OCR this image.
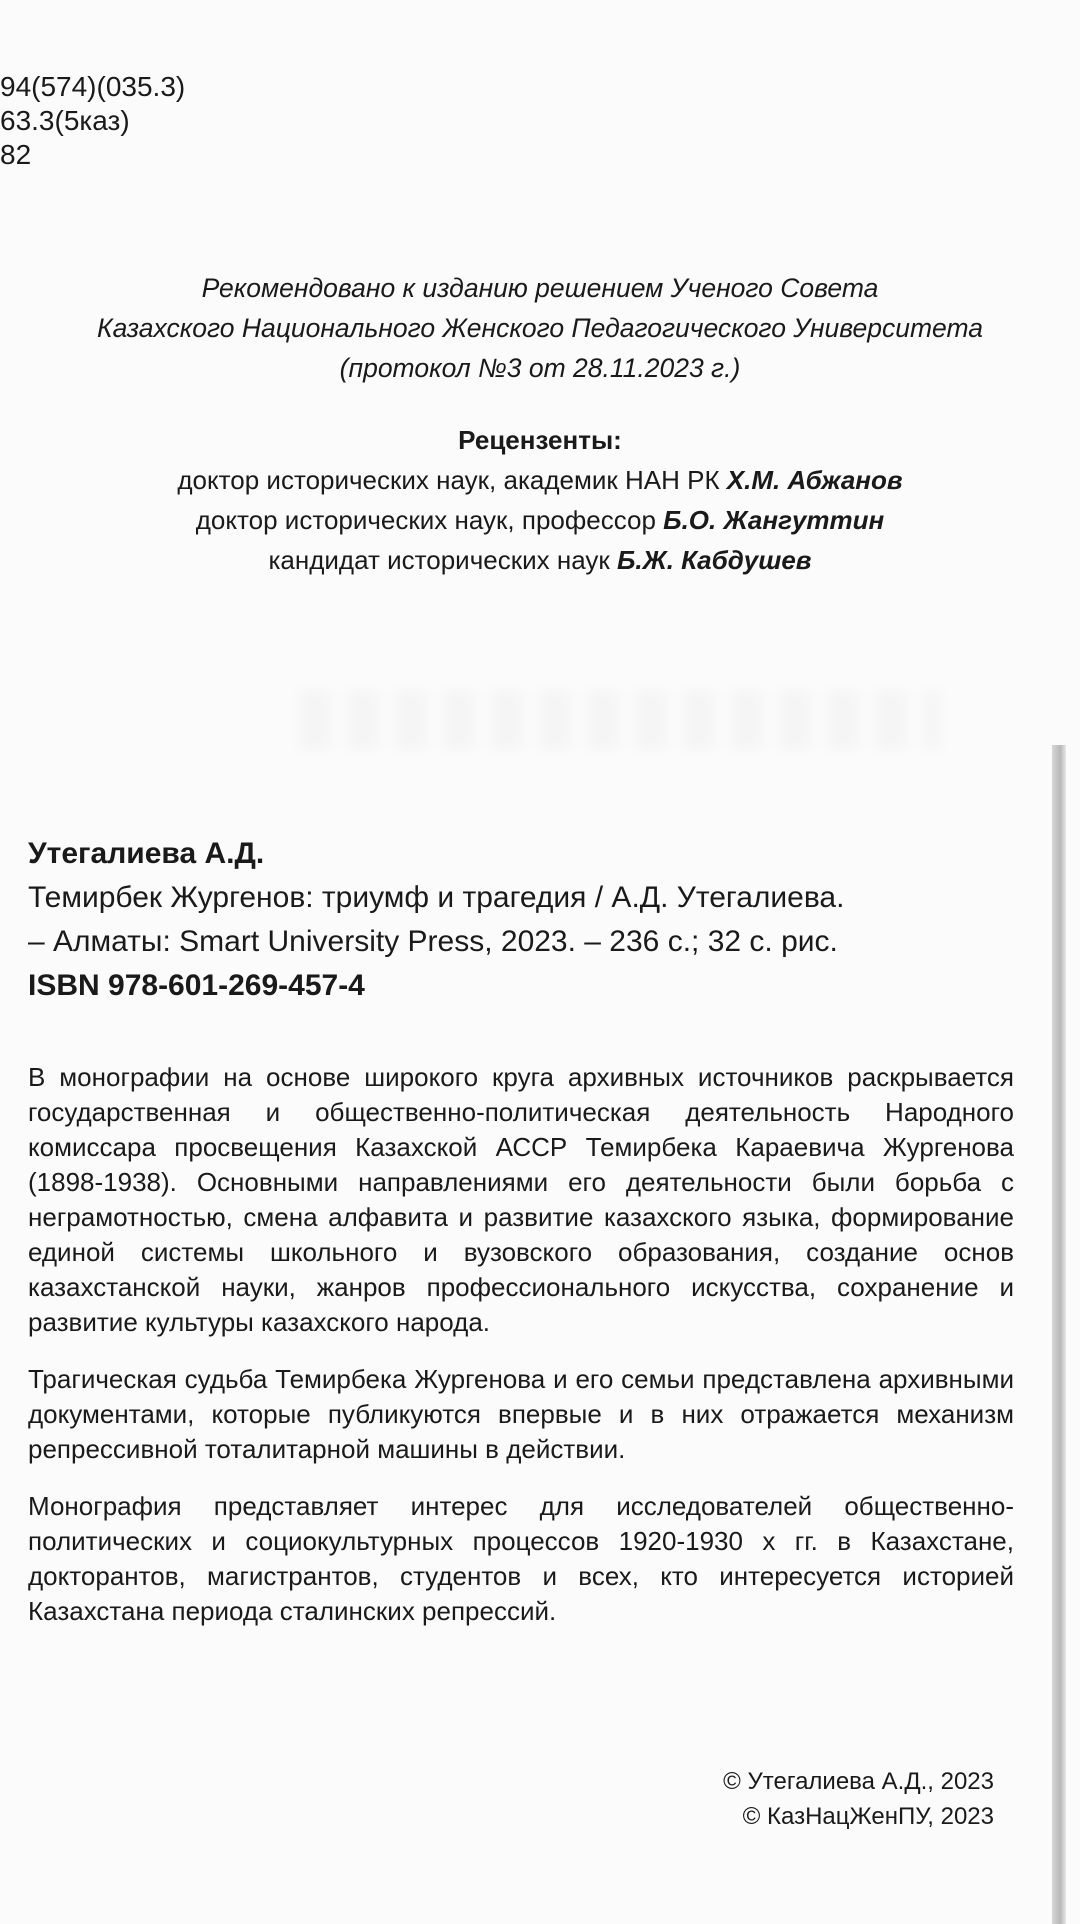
94(574)(035.3)
63.3(5каз)
82
Рекомендовано к изданию решением Ученого Совета
Казахского Национального Женского Педагогического Университета
(протокол №3 от 28.11.2023 г.)
Рецензенты:
доктор исторических наук, академик НАН РК Х.М. Абжанов
доктор исторических наук, профессор Б.О. Жангуттин
кандидат исторических наук Б.Ж. Кабдушев
Утегалиева А.Д.
Темирбек Жургенов: триумф и трагедия / А.Д. Утегалиева.
– Алматы: Smart University Press, 2023. – 236 с.; 32 с. рис.
ISBN 978-601-269-457-4

В монографии на основе широкого круга архивных источников раскрывается государственная и общественно-политическая деятельность Народного комиссара просвещения Казахской АССР Темирбека Караевича Жургенова (1898-1938). Основными направлениями его деятельности были борьба с неграмотностью, смена алфавита и развитие казахского языка, формирование единой системы школьного и вузовского образования, создание основ казахстанской науки, жанров профессионального искусства, сохранение и развитие культуры казахского народа.

Трагическая судьба Темирбека Жургенова и его семьи представлена архивными документами, которые публикуются впервые и в них отражается механизм репрессивной тоталитарной машины в действии.

Монография представляет интерес для исследователей общественно-политических и социокультурных процессов 1920-1930 х гг. в Казахстане, докторантов, магистрантов, студентов и всех, кто интересуется историей Казахстана периода сталинских репрессий.

© Утегалиева А.Д., 2023
© КазНацЖенПУ, 2023
